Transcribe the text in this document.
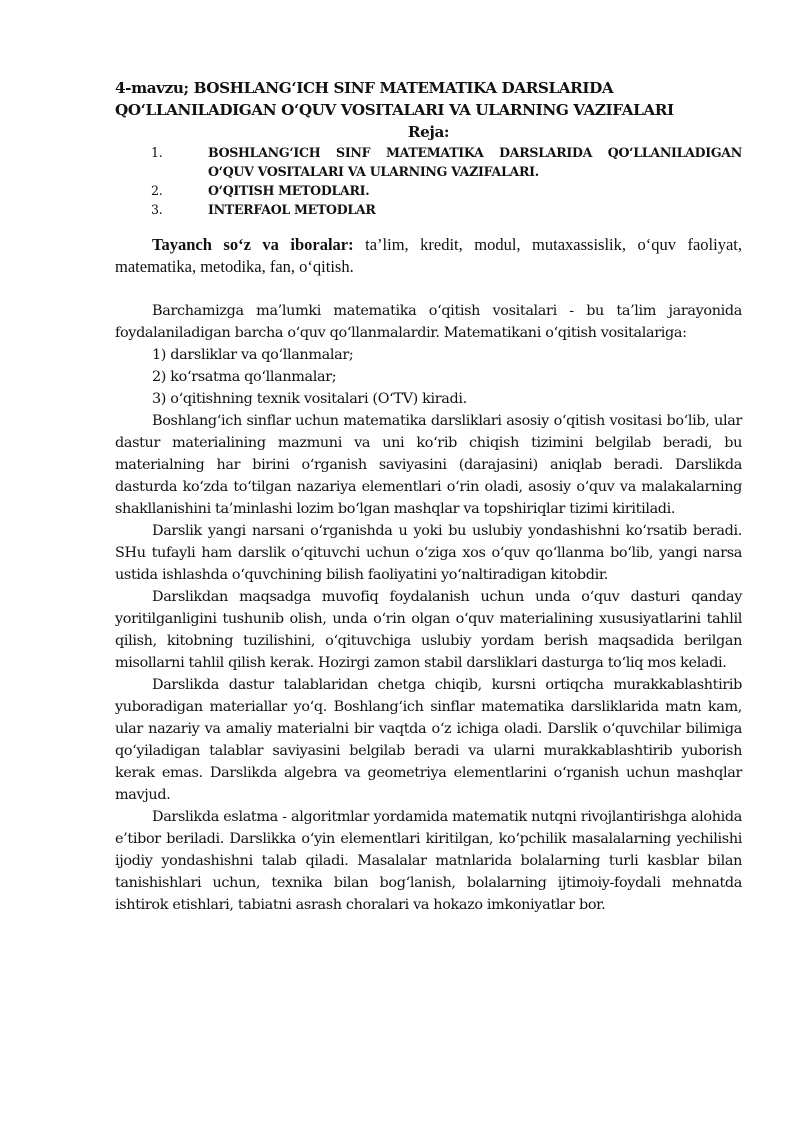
4-mavzu; BOSHLANG‘ICH SINF MATEMATIKA DARSLARIDA
QO‘LLANILADIGAN O‘QUV VOSITALARI VA ULARNING VAZIFALARI
Reja:
1.	BOSHLANG‘ICH SINF MATEMATIKA DARSLARIDA QO‘LLANILADIGAN O‘QUV VOSITALARI VA ULARNING VAZIFALARI.
2.	O‘QITISH METODLARI.
3.	INTERFAOL METODLAR

Tayanch so‘z va iboralar: ta’lim, kredit, modul, mutaxassislik, o‘quv faoliyat, matematika, metodika, fan, o‘qitish.

Barchamizga ma’lumki matematika o‘qitish vositalari - bu ta’lim jarayonida foydalaniladigan barcha o‘quv qo‘llanmalardir. Matematikani o‘qitish vositalariga:

1) darsliklar va qo‘llanmalar;
2) ko‘rsatma qo‘llanmalar;
3) o‘qitishning texnik vositalari (O‘TV) kiradi.

Boshlang‘ich sinflar uchun matematika darsliklari asosiy o‘qitish vositasi bo‘lib, ular dastur materialining mazmuni va uni ko‘rib chiqish tizimini belgilab beradi, bu materialning har birini o‘rganish saviyasini (darajasini) aniqlab beradi. Darslikda dasturda ko‘zda to‘tilgan nazariya elementlari o‘rin oladi, asosiy o‘quv va malakalarning shakllanishini ta’minlashi lozim bo‘lgan mashqlar va topshiriqlar tizimi kiritiladi.

Darslik yangi narsani o‘rganishda u yoki bu uslubiy yondashishni ko‘rsatib beradi. SHu tufayli ham darslik o‘qituvchi uchun o‘ziga xos o‘quv qo‘llanma bo‘lib, yangi narsa ustida ishlashda o‘quvchining bilish faoliyatini yo‘naltiradigan kitobdir.

Darslikdan maqsadga muvofiq foydalanish uchun unda o‘quv dasturi qanday yoritilganligini tushunib olish, unda o‘rin olgan o‘quv materialining xususiyatlarini tahlil qilish, kitobning tuzilishini, o‘qituvchiga uslubiy yordam berish maqsadida berilgan misollarni tahlil qilish kerak. Hozirgi zamon stabil darsliklari dasturga to‘liq mos keladi.

Darslikda dastur talablaridan chetga chiqib, kursni ortiqcha murakkablashtirib yuboradigan materiallar yo‘q. Boshlang‘ich sinflar matematika darsliklarida matn kam, ular nazariy va amaliy materialni bir vaqtda o‘z ichiga oladi. Darslik o‘quvchilar bilimiga qo‘yiladigan talablar saviyasini belgilab beradi va ularni murakkablashtirib yuborish kerak emas. Darslikda algebra va geometriya elementlarini o‘rganish uchun mashqlar mavjud.

Darslikda eslatma - algoritmlar yordamida matematik nutqni rivojlantirishga alohida e’tibor beriladi. Darslikka o‘yin elementlari kiritilgan, ko‘pchilik masalalarning yechilishi ijodiy yondashishni talab qiladi. Masalalar matnlarida bolalarning turli kasblar bilan tanishishlari uchun, texnika bilan bog‘lanish, bolalarning ijtimoiy-foydali mehnatda ishtirok etishlari, tabiatni asrash choralari va hokazo imkoniyatlar bor.
